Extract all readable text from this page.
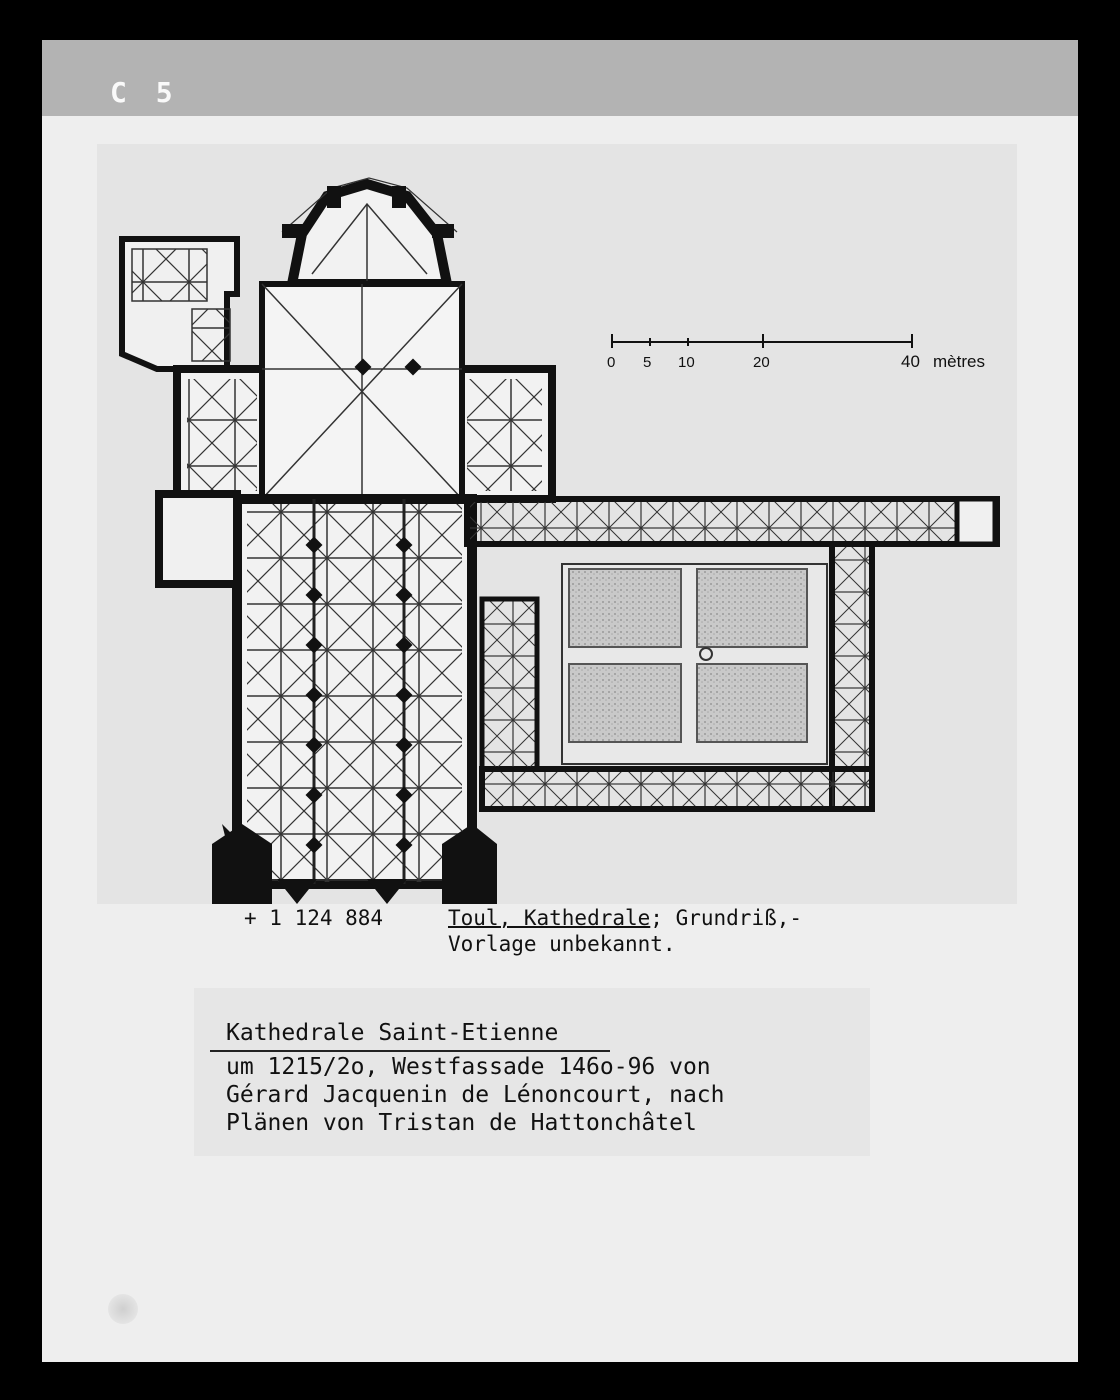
C 5
0 5 10	20	40 mètres
+ 1 124 884	Toul, Kathedrale; Grundriß,-
Vorlage unbekannt.
Kathedrale Saint-Etienne
um 1215/2o, Westfassade 146o-96 von
Gérard Jacquenin de Lénoncourt, nach
Plänen von Tristan de Hattonchâtel
